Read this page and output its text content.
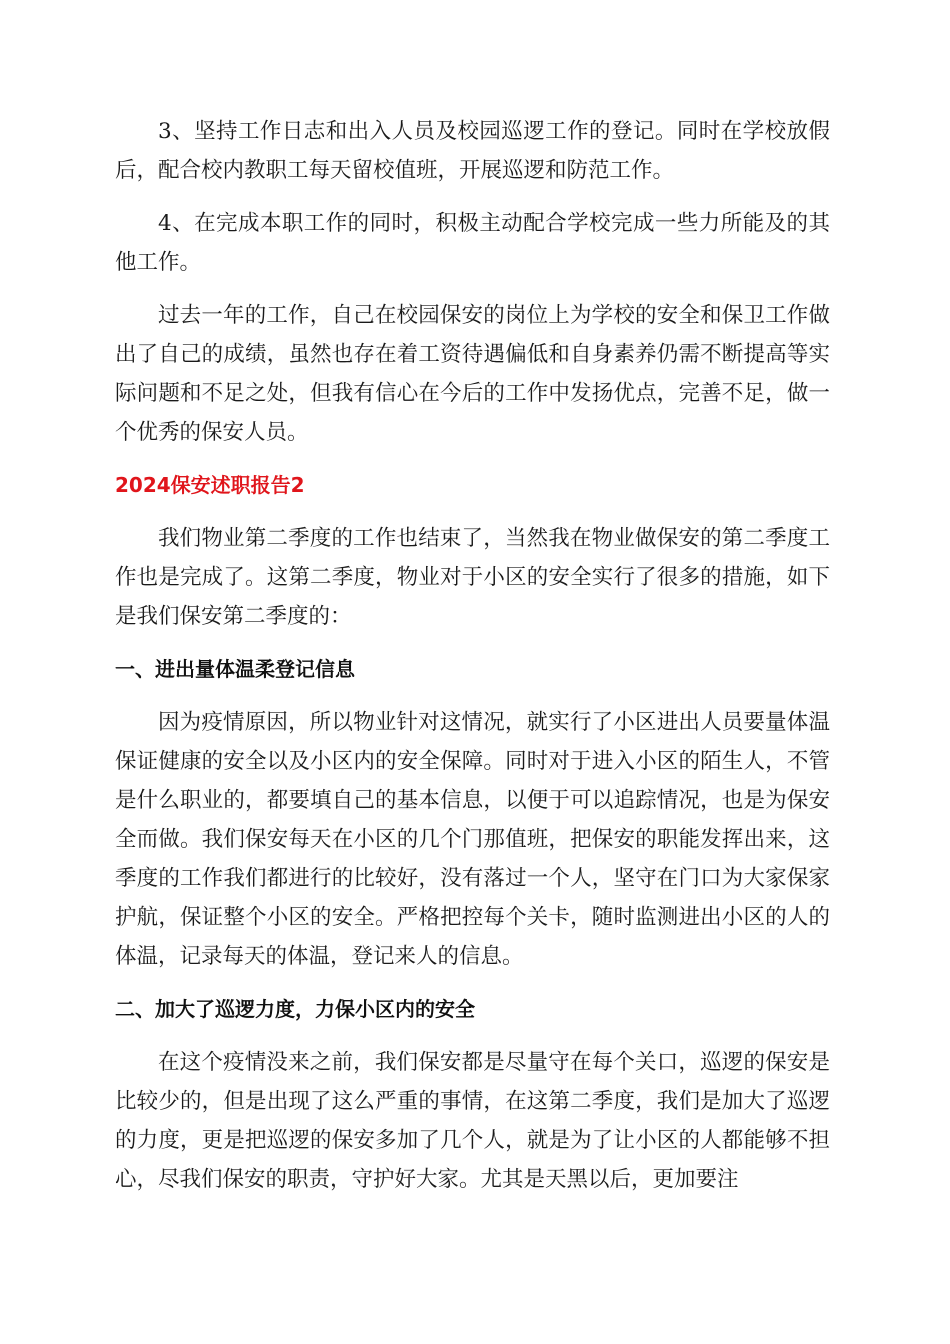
3、坚持工作日志和出入人员及校园巡逻工作的登记。同时在学校放假后，配合校内教职工每天留校值班，开展巡逻和防范工作。

4、在完成本职工作的同时，积极主动配合学校完成一些力所能及的其他工作。

过去一年的工作，自己在校园保安的岗位上为学校的安全和保卫工作做出了自己的成绩，虽然也存在着工资待遇偏低和自身素养仍需不断提高等实际问题和不足之处，但我有信心在今后的工作中发扬优点，完善不足，做一个优秀的保安人员。

2024保安述职报告2

我们物业第二季度的工作也结束了，当然我在物业做保安的第二季度工作也是完成了。这第二季度，物业对于小区的安全实行了很多的措施，如下是我们保安第二季度的：

一、进出量体温柔登记信息

因为疫情原因，所以物业针对这情况，就实行了小区进出人员要量体温保证健康的安全以及小区内的安全保障。同时对于进入小区的陌生人，不管是什么职业的，都要填自己的基本信息，以便于可以追踪情况，也是为保安全而做。我们保安每天在小区的几个门那值班，把保安的职能发挥出来，这季度的工作我们都进行的比较好，没有落过一个人，坚守在门口为大家保家护航，保证整个小区的安全。严格把控每个关卡，随时监测进出小区的人的体温，记录每天的体温，登记来人的信息。

二、加大了巡逻力度，力保小区内的安全

在这个疫情没来之前，我们保安都是尽量守在每个关口，巡逻的保安是比较少的，但是出现了这么严重的事情，在这第二季度，我们是加大了巡逻的力度，更是把巡逻的保安多加了几个人，就是为了让小区的人都能够不担心，尽我们保安的职责，守护好大家。尤其是天黑以后，更加要注
